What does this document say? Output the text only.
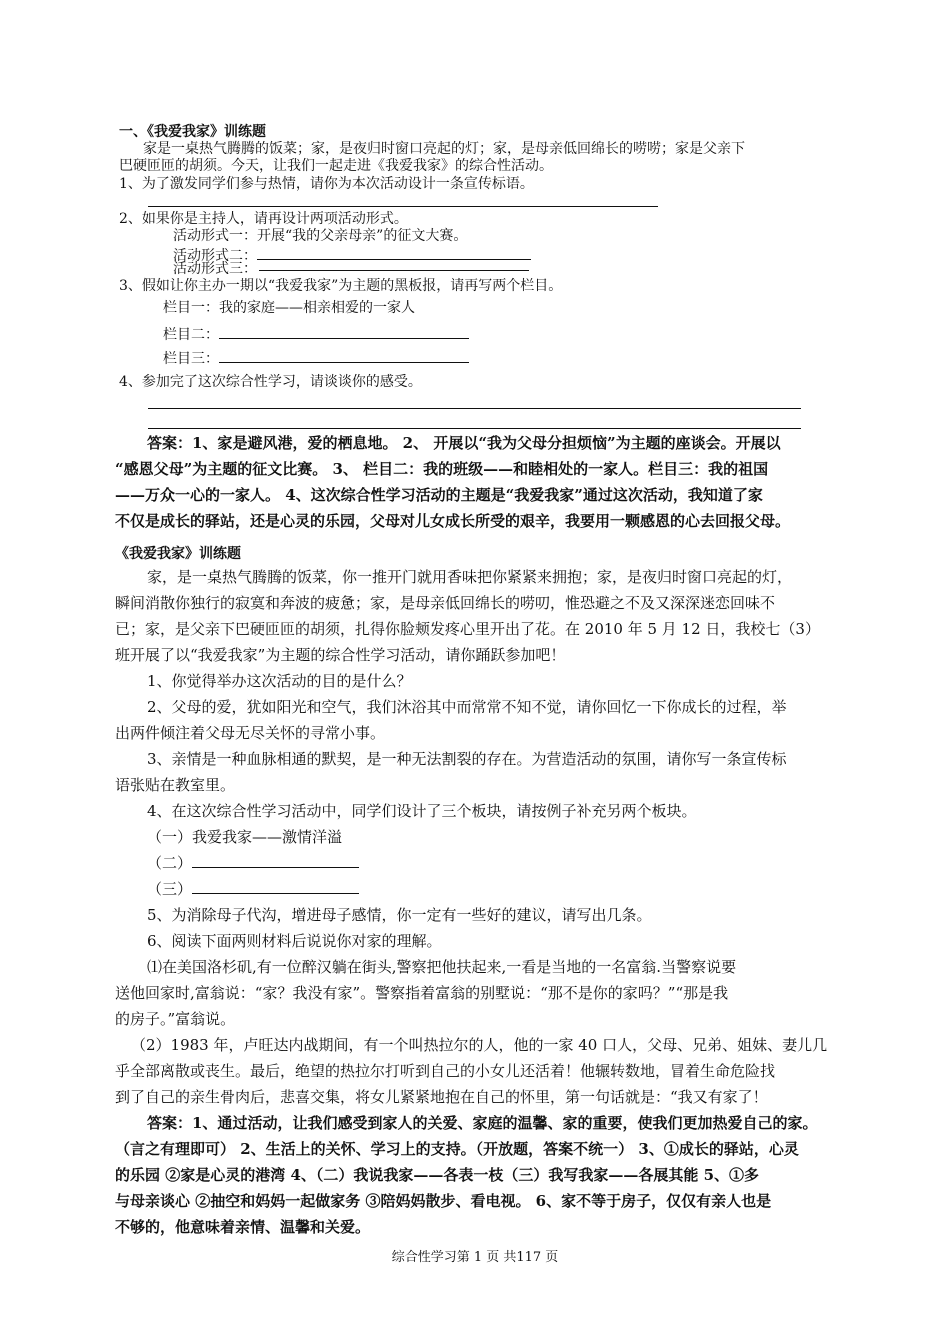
一、《我爱我家》训练题
家是一桌热气腾腾的饭菜；家，是夜归时窗口亮起的灯；家，是母亲低回绵长的唠唠；家是父亲下
巴硬匝匝的胡须。今天，让我们一起走进《我爱我家》的综合性活动。
1、为了激发同学们参与热情，请你为本次活动设计一条宣传标语。
2、如果你是主持人，请再设计两项活动形式。
活动形式一：开展“我的父亲母亲”的征文大赛。
活动形式二：
活动形式三：
3、假如让你主办一期以“我爱我家”为主题的黑板报，请再写两个栏目。
栏目一：我的家庭——相亲相爱的一家人
栏目二：
栏目三：
4、参加完了这次综合性学习，请谈谈你的感受。
答案：1、家是避风港，爱的栖息地。 2、 开展以“我为父母分担烦恼”为主题的座谈会。开展以
“感恩父母”为主题的征文比赛。 3、 栏目二：我的班级——和睦相处的一家人。栏目三：我的祖国
——万众一心的一家人。 4、这次综合性学习活动的主题是“我爱我家”通过这次活动，我知道了家
不仅是成长的驿站，还是心灵的乐园，父母对儿女成长所受的艰辛，我要用一颗感恩的心去回报父母。
《我爱我家》训练题
家，是一桌热气腾腾的饭菜，你一推开门就用香味把你紧紧来拥抱；家，是夜归时窗口亮起的灯，
瞬间消散你独行的寂寞和奔波的疲惫；家，是母亲低回绵长的唠叨，惟恐避之不及又深深迷恋回味不
已；家，是父亲下巴硬匝匝的胡须，扎得你脸颊发疼心里开出了花。在 2010 年 5 月 12 日，我校七（3）
班开展了以“我爱我家”为主题的综合性学习活动，请你踊跃参加吧！
1、你觉得举办这次活动的目的是什么？
2、父母的爱，犹如阳光和空气，我们沐浴其中而常常不知不觉，请你回忆一下你成长的过程，举
出两件倾注着父母无尽关怀的寻常小事。
3、亲情是一种血脉相通的默契，是一种无法割裂的存在。为营造活动的氛围，请你写一条宣传标
语张贴在教室里。
4、在这次综合性学习活动中，同学们设计了三个板块，请按例子补充另两个板块。
（一）我爱我家——激情洋溢
（二）
（三）
5、为消除母子代沟，增进母子感情，你一定有一些好的建议，请写出几条。
6、阅读下面两则材料后说说你对家的理解。
⑴在美国洛杉矶,有一位醉汉躺在街头,警察把他扶起来,一看是当地的一名富翁.当警察说要
送他回家时,富翁说：“家？我没有家”。警察指着富翁的别墅说：“那不是你的家吗？”“那是我
的房子。”富翁说。
（2）1983 年，卢旺达内战期间，有一个叫热拉尔的人，他的一家 40 口人，父母、兄弟、姐妹、妻儿几
乎全部离散或丧生。最后，绝望的热拉尔打听到自己的小女儿还活着！他辗转数地，冒着生命危险找
到了自己的亲生骨肉后，悲喜交集，将女儿紧紧地抱在自己的怀里，第一句话就是：“我又有家了！
答案：1、通过活动，让我们感受到家人的关爱、家庭的温馨、家的重要，使我们更加热爱自己的家。
（言之有理即可） 2、生活上的关怀、学习上的支持。（开放题，答案不统一） 3、①成长的驿站，心灵
的乐园 ②家是心灵的港湾 4、（二）我说我家——各表一枝（三）我写我家——各展其能 5、①多
与母亲谈心 ②抽空和妈妈一起做家务 ③陪妈妈散步、看电视。 6、家不等于房子，仅仅有亲人也是
不够的，他意味着亲情、温馨和关爱。
综合性学习第 1 页 共117 页
